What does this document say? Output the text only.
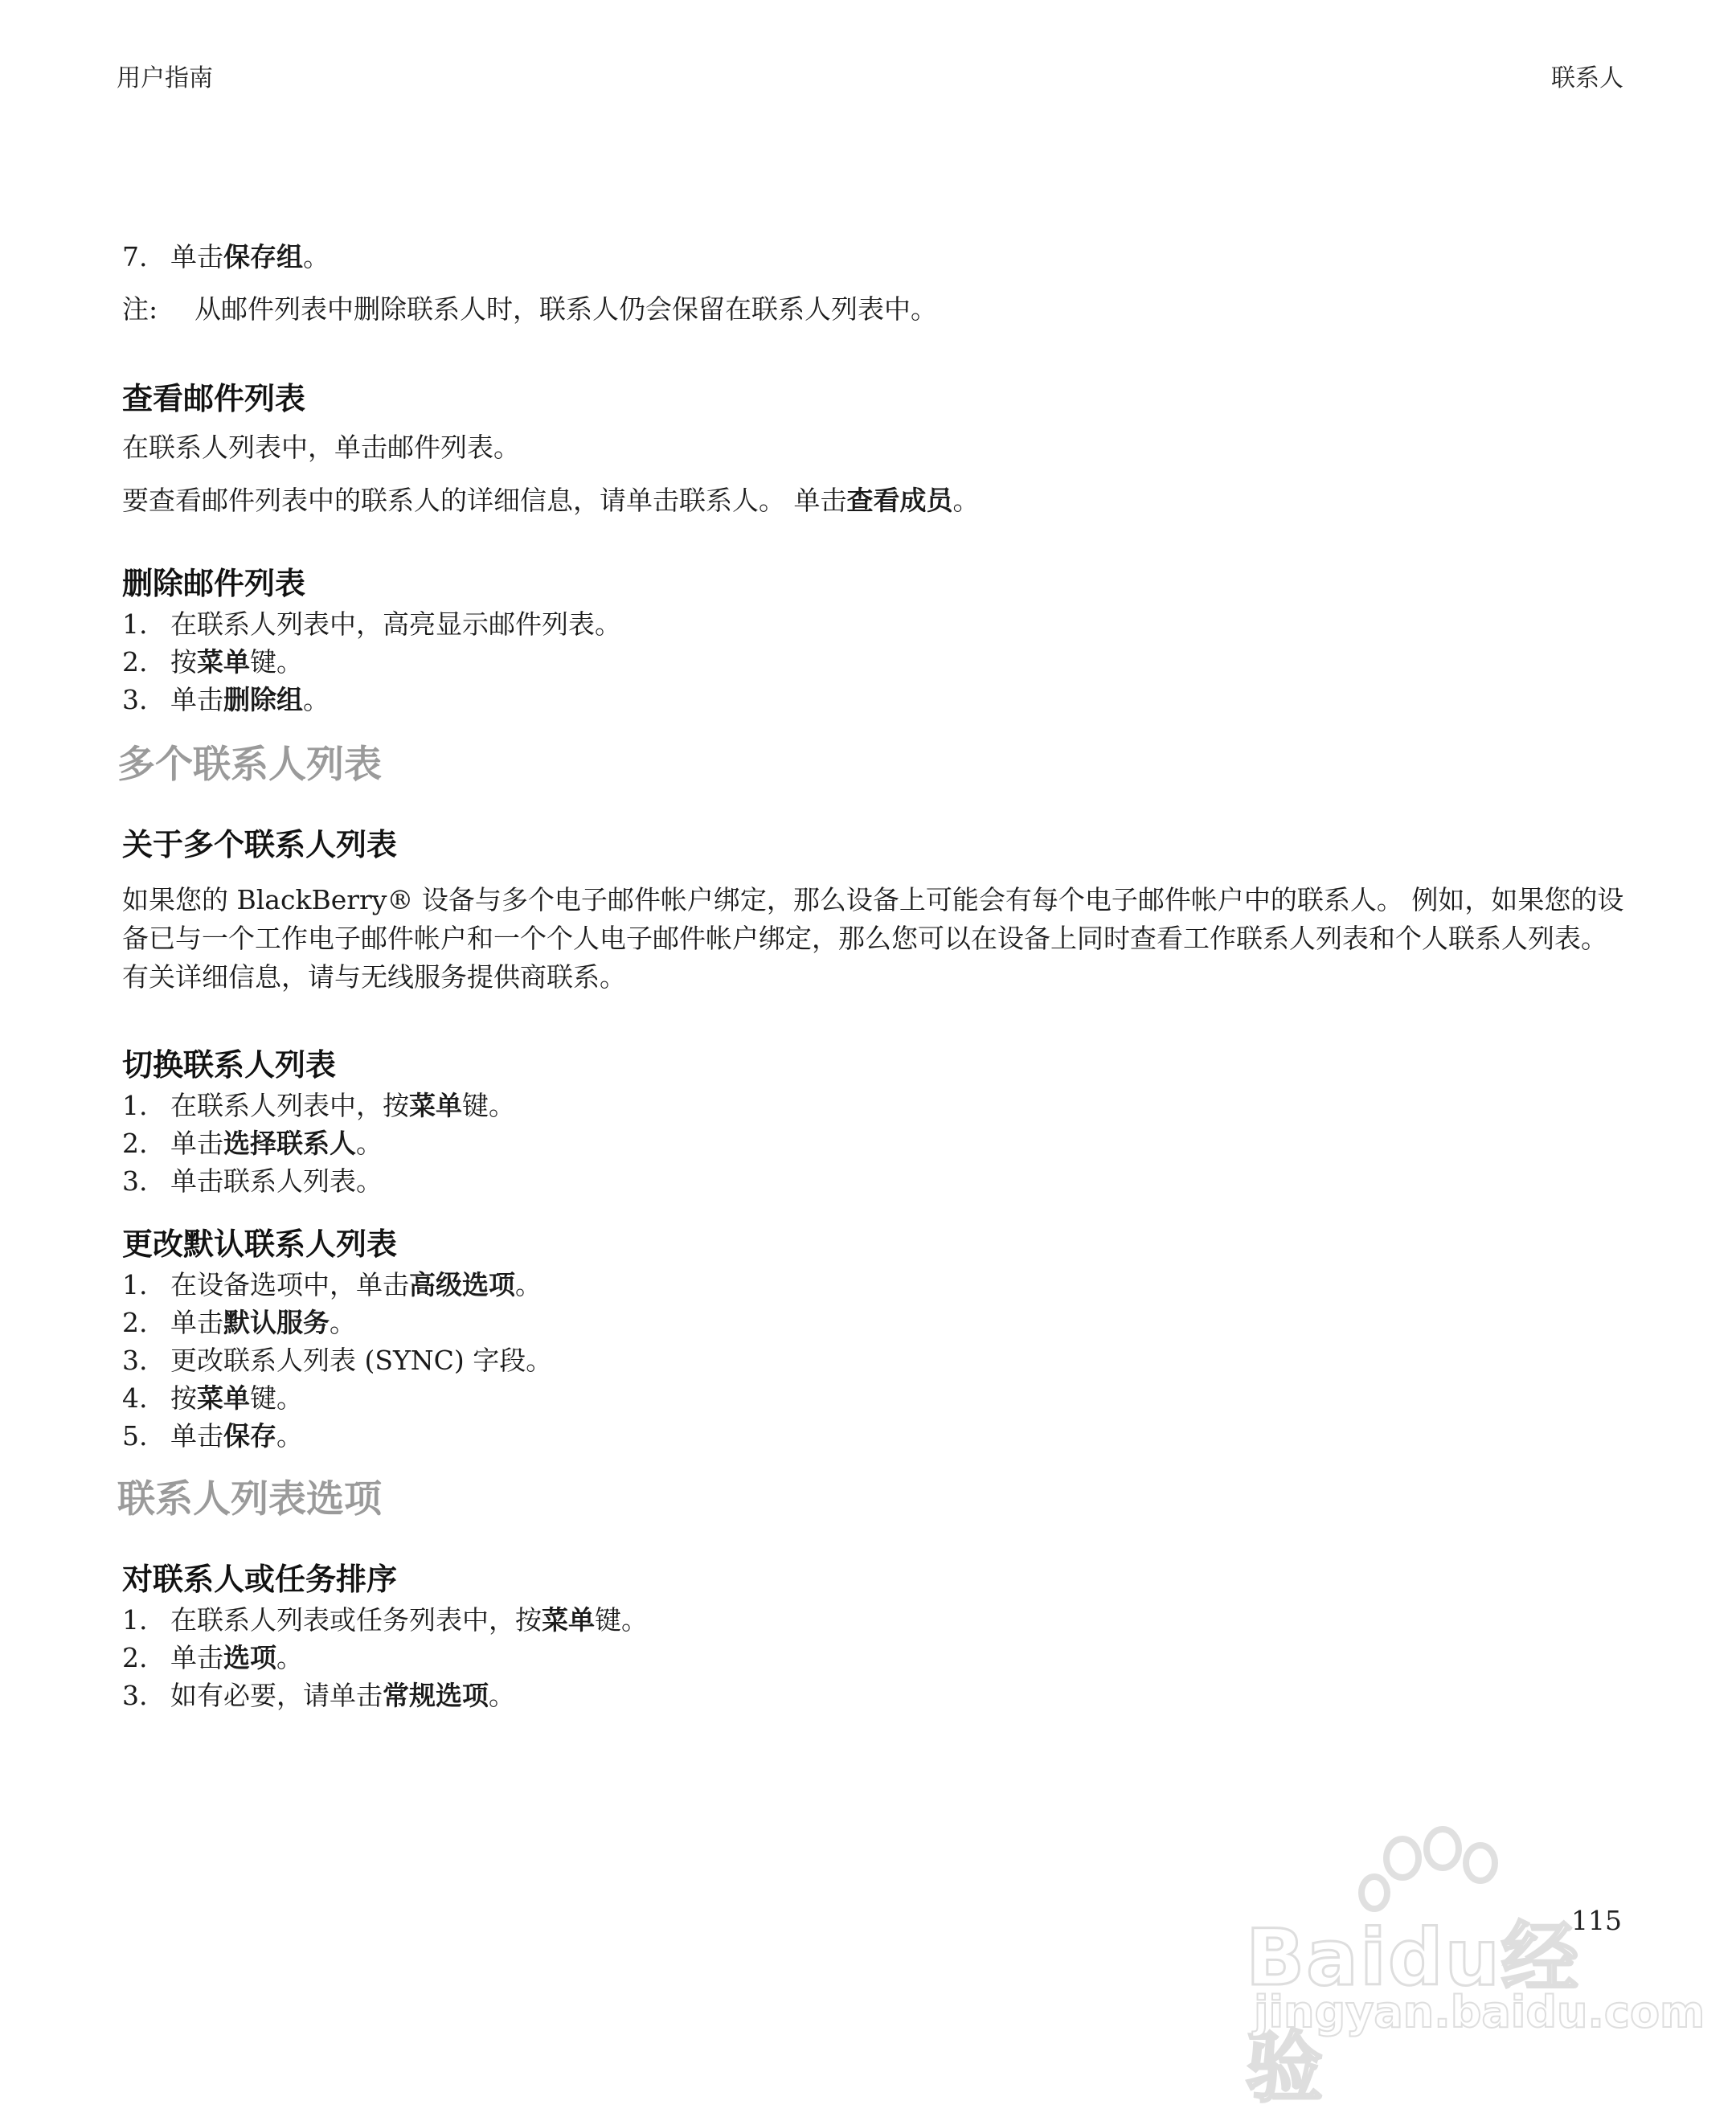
用户指南	联系人
7. 单击保存组。
注:	从邮件列表中删除联系人时，联系人仍会保留在联系人列表中。
查看邮件列表

在联系人列表中，单击邮件列表。

要查看邮件列表中的联系人的详细信息，请单击联系人。 单击查看成员。

删除邮件列表
1. 在联系人列表中，高亮显示邮件列表。
2. 按菜单键。
3. 单击删除组。
多个联系人列表
关于多个联系人列表

如果您的 BlackBerry® 设备与多个电子邮件帐户绑定，那么设备上可能会有每个电子邮件帐户中的联系人。 例如，如果您的设备已与一个工作电子邮件帐户和一个个人电子邮件帐户绑定，那么您可以在设备上同时查看工作联系人列表和个人联系人列表。 有关详细信息，请与无线服务提供商联系。

切换联系人列表
1. 在联系人列表中，按菜单键。
2. 单击选择联系人。
3. 单击联系人列表。
更改默认联系人列表
1. 在设备选项中，单击高级选项。
2. 单击默认服务。
3. 更改联系人列表 (SYNC) 字段。
4. 按菜单键。
5. 单击保存。
联系人列表选项
对联系人或任务排序
1. 在联系人列表或任务列表中，按菜单键。
2. 单击选项。
3. 如有必要，请单击常规选项。
Baidu经验
jingyan.baidu.com
115
